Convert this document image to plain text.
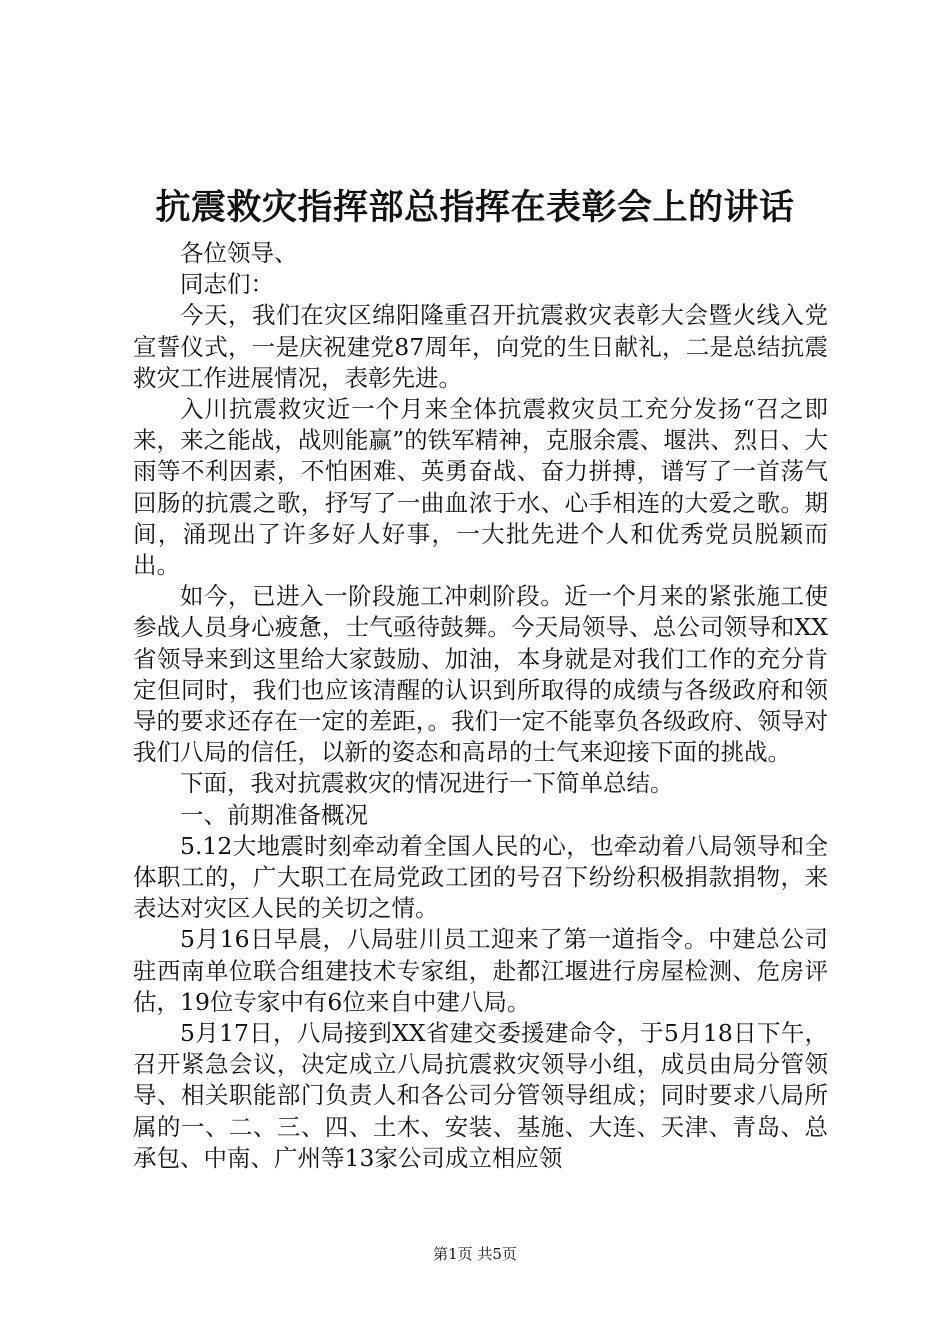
抗震救灾指挥部总指挥在表彰会上的讲话

各位领导、

同志们：

今天，我们在灾区绵阳隆重召开抗震救灾表彰大会暨火线入党宣誓仪式，一是庆祝建党87周年，向党的生日献礼，二是总结抗震救灾工作进展情况，表彰先进。

入川抗震救灾近一个月来全体抗震救灾员工充分发扬“召之即来，来之能战，战则能赢”的铁军精神，克服余震、堰洪、烈日、大雨等不利因素，不怕困难、英勇奋战、奋力拼搏，谱写了一首荡气回肠的抗震之歌，抒写了一曲血浓于水、心手相连的大爱之歌。期间，涌现出了许多好人好事，一大批先进个人和优秀党员脱颖而出。

如今，已进入一阶段施工冲刺阶段。近一个月来的紧张施工使参战人员身心疲惫，士气亟待鼓舞。今天局领导、总公司领导和XX省领导来到这里给大家鼓励、加油，本身就是对我们工作的充分肯定但同时，我们也应该清醒的认识到所取得的成绩与各级政府和领导的要求还存在一定的差距，。我们一定不能辜负各级政府、领导对我们八局的信任，以新的姿态和高昂的士气来迎接下面的挑战。

下面，我对抗震救灾的情况进行一下简单总结。

一、前期准备概况

5.12大地震时刻牵动着全国人民的心，也牵动着八局领导和全体职工的，广大职工在局党政工团的号召下纷纷积极捐款捐物，来表达对灾区人民的关切之情。

5月16日早晨，八局驻川员工迎来了第一道指令。中建总公司驻西南单位联合组建技术专家组，赴都江堰进行房屋检测、危房评估，19位专家中有6位来自中建八局。

5月17日，八局接到XX省建交委援建命令，于5月18日下午，召开紧急会议，决定成立八局抗震救灾领导小组，成员由局分管领导、相关职能部门负责人和各公司分管领导组成；同时要求八局所属的一、二、三、四、土木、安装、基施、大连、天津、青岛、总承包、中南、广州等13家公司成立相应领

第1页 共5页
